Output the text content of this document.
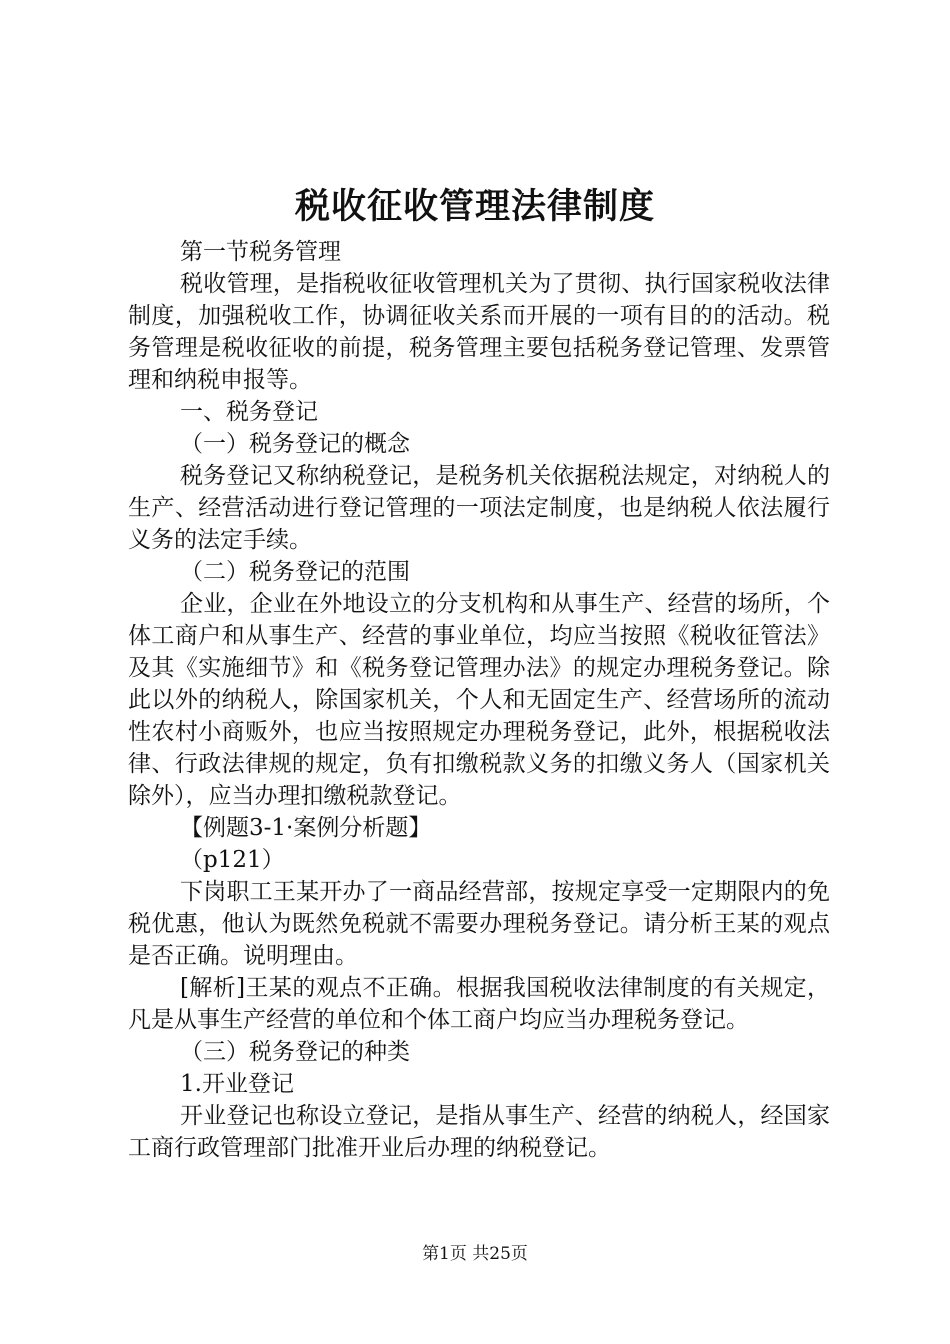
税收征收管理法律制度

第一节税务管理

税收管理，是指税收征收管理机关为了贯彻、执行国家税收法律制度，加强税收工作，协调征收关系而开展的一项有目的的活动。税务管理是税收征收的前提，税务管理主要包括税务登记管理、发票管理和纳税申报等。

一、税务登记

（一）税务登记的概念

税务登记又称纳税登记，是税务机关依据税法规定，对纳税人的生产、经营活动进行登记管理的一项法定制度，也是纳税人依法履行义务的法定手续。

（二）税务登记的范围

企业，企业在外地设立的分支机构和从事生产、经营的场所，个体工商户和从事生产、经营的事业单位，均应当按照《税收征管法》及其《实施细节》和《税务登记管理办法》的规定办理税务登记。除此以外的纳税人，除国家机关，个人和无固定生产、经营场所的流动性农村小商贩外，也应当按照规定办理税务登记，此外，根据税收法律、行政法律规的规定，负有扣缴税款义务的扣缴义务人（国家机关除外），应当办理扣缴税款登记。

【例题3-1·案例分析题】

（p121）

下岗职工王某开办了一商品经营部，按规定享受一定期限内的免税优惠，他认为既然免税就不需要办理税务登记。请分析王某的观点是否正确。说明理由。

[解析]王某的观点不正确。根据我国税收法律制度的有关规定，凡是从事生产经营的单位和个体工商户均应当办理税务登记。

（三）税务登记的种类

1.开业登记

开业登记也称设立登记，是指从事生产、经营的纳税人，经国家工商行政管理部门批准开业后办理的纳税登记。

第1页 共25页
